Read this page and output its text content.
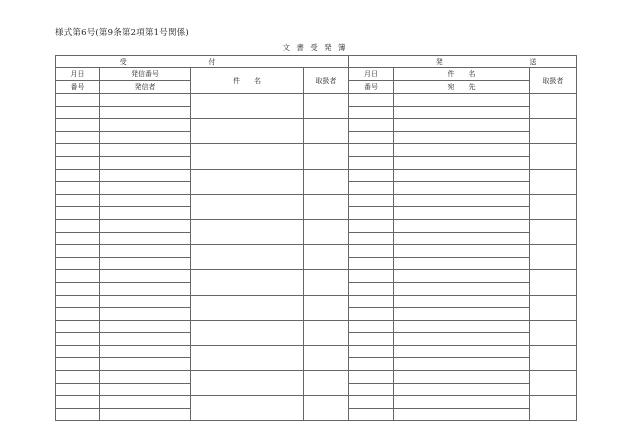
様式第6号(第9条第2項第1号関係)
文 書 受 発 簿
受		付		発		送
月日	発信番号	件　　名	取扱者	月日	件　　名	取扱者
番号	発信者			番号	宛　　先	
